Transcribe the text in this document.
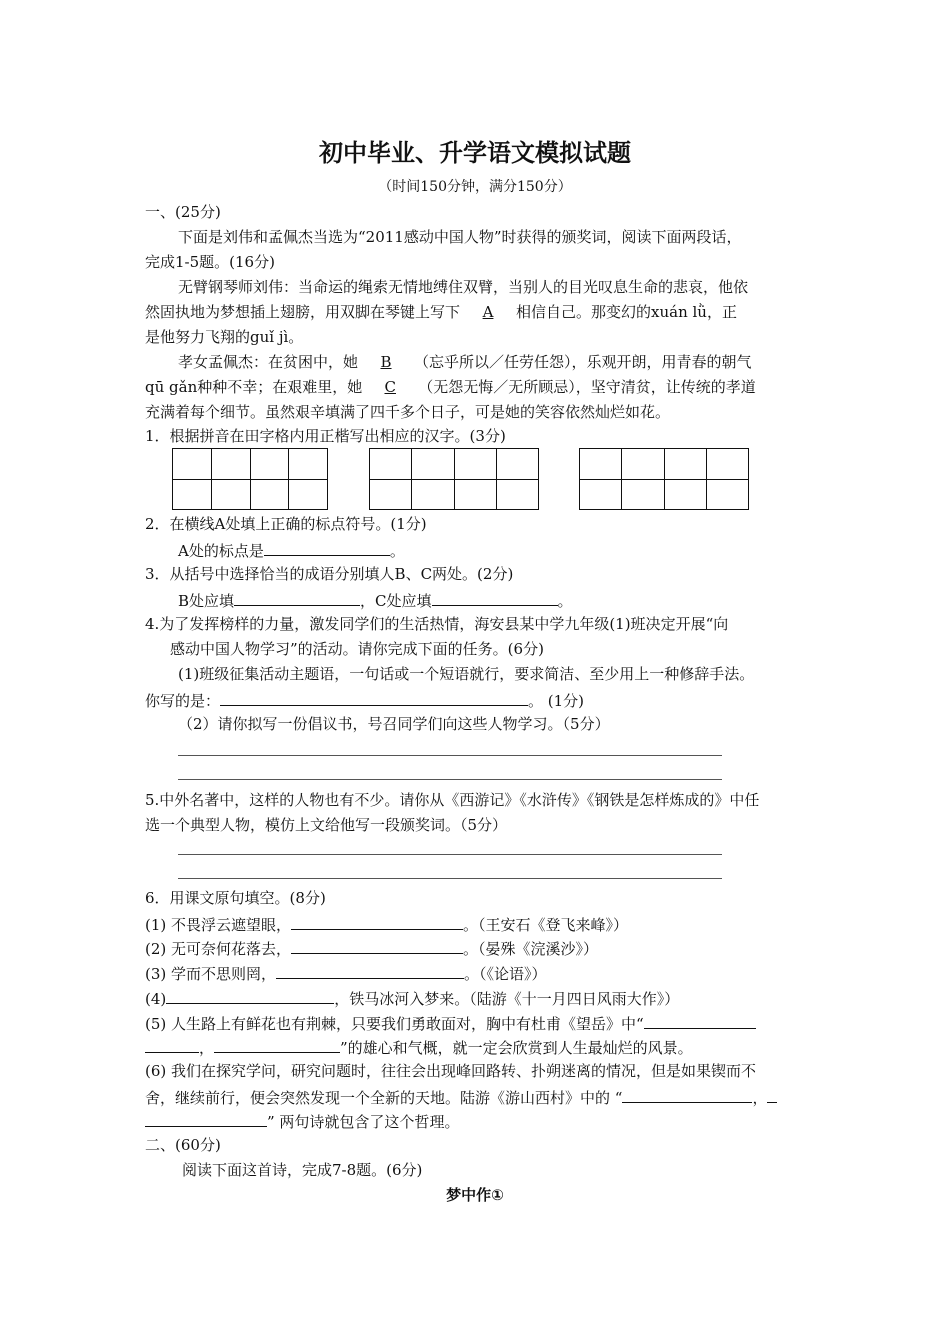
初中毕业、升学语文模拟试题
（时间150分钟，满分150分）
一、(25分)
下面是刘伟和孟佩杰当选为“2011感动中国人物”时获得的颁奖词，阅读下面两段话，
完成1-5题。(16分)
无臂钢琴师刘伟：当命运的绳索无情地缚住双臂，当别人的目光叹息生命的悲哀，他依
然固执地为梦想插上翅膀，用双脚在琴键上写下 A 相信自己。那变幻的xuán lǜ，正
是他努力飞翔的guǐ jì。
孝女孟佩杰：在贫困中，她 B （忘乎所以／任劳任怨），乐观开朗，用青春的朝气
qū gǎn种种不幸；在艰难里，她 C （无怨无悔／无所顾忌），坚守清贫，让传统的孝道
充满着每个细节。虽然艰辛填满了四千多个日子，可是她的笑容依然灿烂如花。
1．根据拼音在田字格内用正楷写出相应的汉字。(3分)
2．在横线A处填上正确的标点符号。(1分)
A处的标点是	。
3．从括号中选择恰当的成语分别填人B、C两处。(2分)
B处应填	，C处应填	。
4.为了发挥榜样的力量，激发同学们的生活热情，海安县某中学九年级(1)班决定开展“向
感动中国人物学习”的活动。请你完成下面的任务。(6分)
(1)班级征集活动主题语，一句话或一个短语就行，要求简洁、至少用上一种修辞手法。
你写的是：	。 (1分)
（2）请你拟写一份倡议书，号召同学们向这些人物学习。（5分）
5.中外名著中，这样的人物也有不少。请你从《西游记》《水浒传》《钢铁是怎样炼成的》中任
选一个典型人物，模仿上文给他写一段颁奖词。（5分）
6．用课文原句填空。(8分)
(1) 不畏浮云遮望眼，	。（王安石《登飞来峰》）
(2) 无可奈何花落去，	。（晏殊《浣溪沙》）
(3) 学而不思则罔，	。（《论语》）
(4)	，铁马冰河入梦来。（陆游《十一月四日风雨大作》）
(5) 人生路上有鲜花也有荆棘，只要我们勇敢面对，胸中有杜甫《望岳》中“
，	”的雄心和气概，就一定会欣赏到人生最灿烂的风景。
(6) 我们在探究学问，研究问题时，往往会出现峰回路转、扑朔迷离的情况，但是如果锲而不
舍，继续前行，便会突然发现一个全新的天地。陆游《游山西村》中的 “	，
” 两句诗就包含了这个哲理。
二、(60分)
阅读下面这首诗，完成7-8题。(6分)
梦中作①
